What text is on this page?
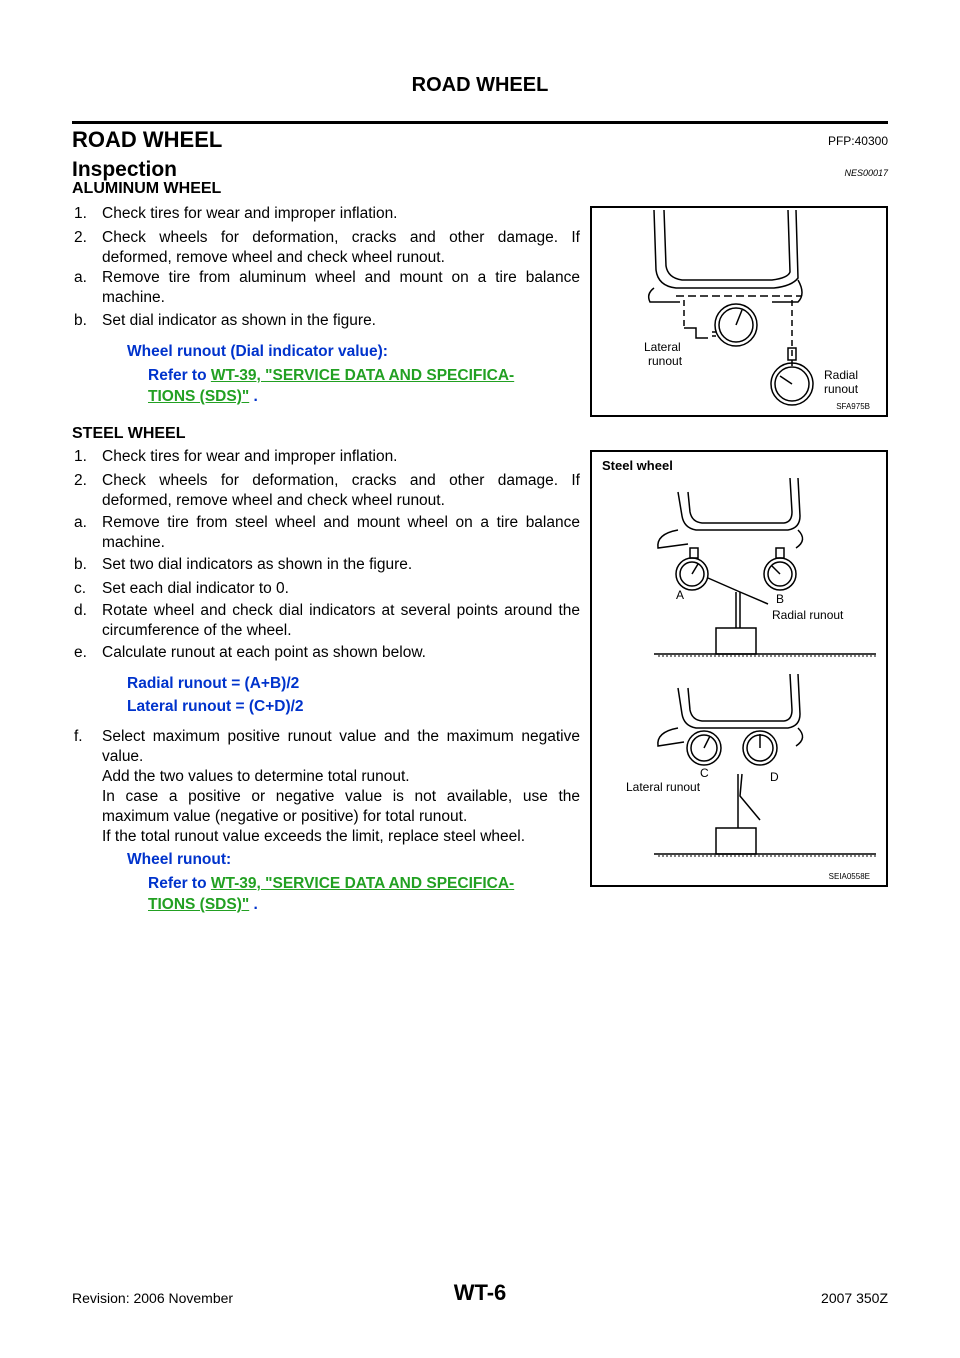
ROAD WHEEL
ROAD WHEEL	PFP:40300
Inspection	NES00017
ALUMINUM WHEEL
1. Check tires for wear and improper inflation.
2. Check wheels for deformation, cracks and other damage. If deformed, remove wheel and check wheel runout.
a. Remove tire from aluminum wheel and mount on a tire balance machine.
b. Set dial indicator as shown in the figure.
Wheel runout (Dial indicator value):
Refer to WT-39, "SERVICE DATA AND SPECIFICA-
TIONS (SDS)" .
Lateral
runout
Radial
runout
SFA975B
STEEL WHEEL
1. Check tires for wear and improper inflation.
2. Check wheels for deformation, cracks and other damage. If deformed, remove wheel and check wheel runout.
a. Remove tire from steel wheel and mount wheel on a tire balance machine.
b. Set two dial indicators as shown in the figure.
c. Set each dial indicator to 0.
d. Rotate wheel and check dial indicators at several points around the circumference of the wheel.
e. Calculate runout at each point as shown below.
Radial runout = (A+B)/2
Lateral runout = (C+D)/2
f. Select maximum positive runout value and the maximum negative value.
Add the two values to determine total runout.
In case a positive or negative value is not available, use the maximum value (negative or positive) for total runout.
If the total runout value exceeds the limit, replace steel wheel.
Wheel runout:
Refer to WT-39, "SERVICE DATA AND SPECIFICA-
TIONS (SDS)" .
Steel wheel
A	B
Radial runout
C	D
Lateral runout
SEIA0558E
Revision: 2006 November	WT-6	2007 350Z
